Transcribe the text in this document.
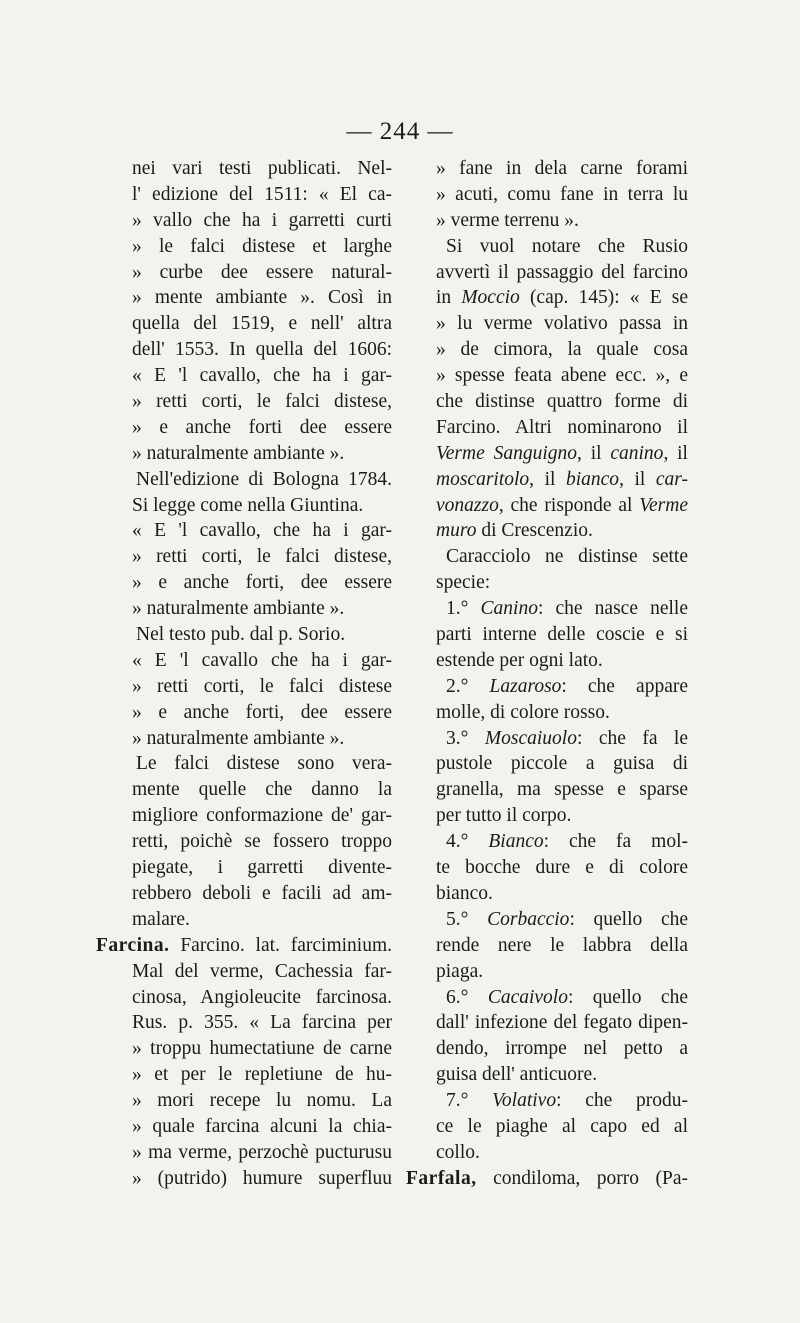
— 244 —
nei vari testi publicati. Nel-
l' edizione del 1511: « El ca-
» vallo che ha i garretti curti
» le falci distese et larghe
» curbe dee essere natural-
» mente ambiante ». Così in
quella del 1519, e nell' altra
dell' 1553. In quella del 1606:
« E 'l cavallo, che ha i gar-
» retti corti, le falci distese,
» e anche forti dee essere
» naturalmente ambiante ».
Nell'edizione di Bologna 1784.
Si legge come nella Giuntina.
« E 'l cavallo, che ha i gar-
» retti corti, le falci distese,
» e anche forti, dee essere
» naturalmente ambiante ».
Nel testo pub. dal p. Sorio.
« E 'l cavallo che ha i gar-
» retti corti, le falci distese
» e anche forti, dee essere
» naturalmente ambiante ».
Le falci distese sono vera-
mente quelle che danno la
migliore conformazione de' gar-
retti, poichè se fossero troppo
piegate, i garretti divente-
rebbero deboli e facili ad am-
malare.
Farcina. Farcino. lat. farciminium.
Mal del verme, Cachessia far-
cinosa, Angioleucite farcinosa.
Rus. p. 355. « La farcina per
» troppu humectatiune de carne
» et per le repletiune de hu-
» mori recepe lu nomu. La
» quale farcina alcuni la chia-
» ma verme, perzochè pucturusu
» (putrido) humure superfluu
» fane in dela carne forami
» acuti, comu fane in terra lu
» verme terrenu ».
Si vuol notare che Rusio
avvertì il passaggio del farcino
in Moccio (cap. 145): « E se
» lu verme volativo passa in
» de cimora, la quale cosa
» spesse feata abene ecc. », e
che distinse quattro forme di
Farcino. Altri nominarono il
Verme Sanguigno, il canino, il
moscaritolo, il bianco, il car-
vonazzo, che risponde al Verme
muro di Crescenzio.
Caracciolo ne distinse sette
specie:
1.° Canino: che nasce nelle
parti interne delle coscie e si
estende per ogni lato.
2.° Lazaroso: che appare
molle, di colore rosso.
3.° Moscaiuolo: che fa le
pustole piccole a guisa di
granella, ma spesse e sparse
per tutto il corpo.
4.° Bianco: che fa mol-
te bocche dure e di colore
bianco.
5.° Corbaccio: quello che
rende nere le labbra della
piaga.
6.° Cacaivolo: quello che
dall' infezione del fegato dipen-
dendo, irrompe nel petto a
guisa dell' anticuore.
7.° Volativo: che produ-
ce le piaghe al capo ed al
collo.
Farfala, condiloma, porro (Pa-
